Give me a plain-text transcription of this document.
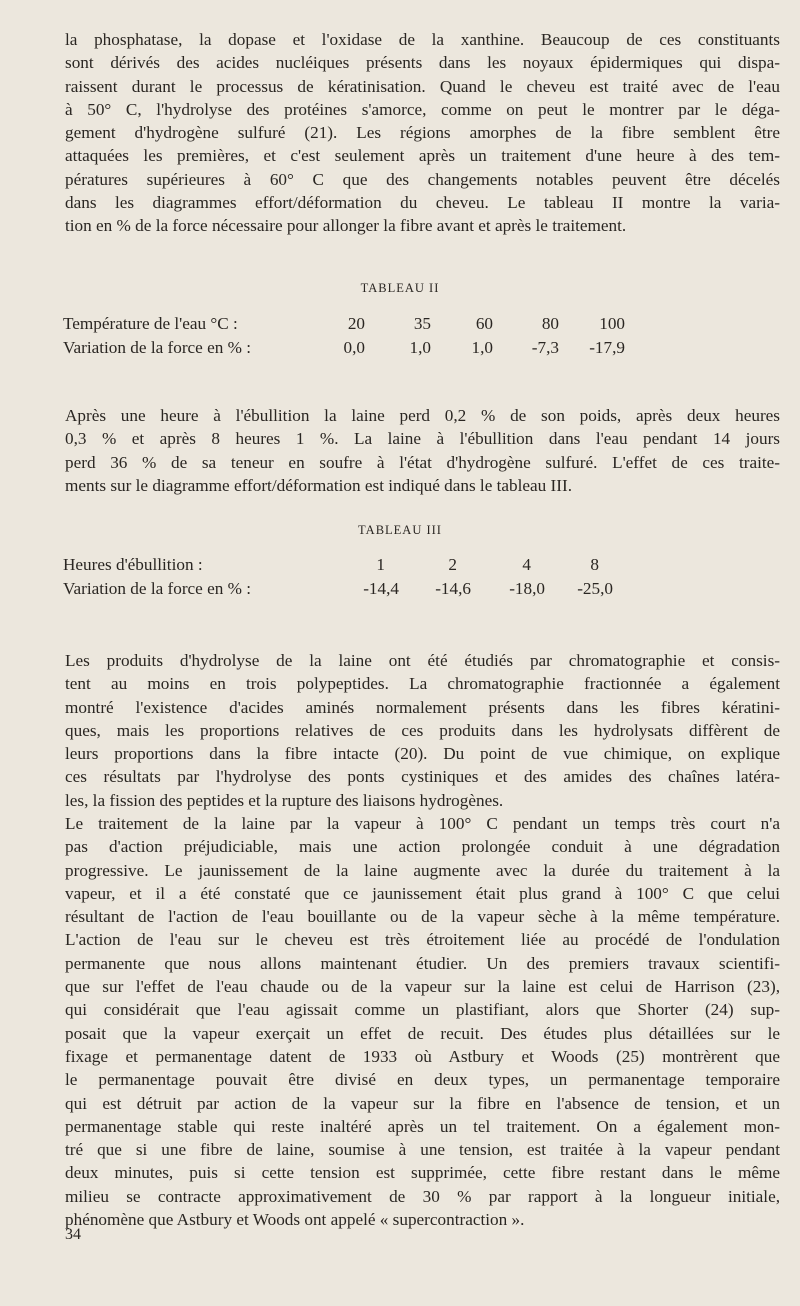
la phosphatase, la dopase et l'oxidase de la xanthine. Beaucoup de ces constituants
sont dérivés des acides nucléiques présents dans les noyaux épidermiques qui dispa-
raissent durant le processus de kératinisation. Quand le cheveu est traité avec de l'eau
à 50° C, l'hydrolyse des protéines s'amorce, comme on peut le montrer par le déga-
gement d'hydrogène sulfuré (21). Les régions amorphes de la fibre semblent être
attaquées les premières, et c'est seulement après un traitement d'une heure à des tem-
pératures supérieures à 60° C que des changements notables peuvent être décelés
dans les diagrammes effort/déformation du cheveu. Le tableau II montre la varia-
tion en % de la force nécessaire pour allonger la fibre avant et après le traitement.

TABLEAU II

Température de l'eau °C :	20	35	60	80	100
Variation de la force en % :	0,0	1,0	1,0	-7,3	-17,9
Après une heure à l'ébullition la laine perd 0,2 % de son poids, après deux heures
0,3 % et après 8 heures 1 %. La laine à l'ébullition dans l'eau pendant 14 jours
perd 36 % de sa teneur en soufre à l'état d'hydrogène sulfuré. L'effet de ces traite-
ments sur le diagramme effort/déformation est indiqué dans le tableau III.

TABLEAU III

Heures d'ébullition :	1	2	4	8
Variation de la force en % :	-14,4	-14,6	-18,0	-25,0
Les produits d'hydrolyse de la laine ont été étudiés par chromatographie et consis-
tent au moins en trois polypeptides. La chromatographie fractionnée a également
montré l'existence d'acides aminés normalement présents dans les fibres kératini-
ques, mais les proportions relatives de ces produits dans les hydrolysats diffèrent de
leurs proportions dans la fibre intacte (20). Du point de vue chimique, on explique
ces résultats par l'hydrolyse des ponts cystiniques et des amides des chaînes latéra-
les, la fission des peptides et la rupture des liaisons hydrogènes.
Le traitement de la laine par la vapeur à 100° C pendant un temps très court n'a
pas d'action préjudiciable, mais une action prolongée conduit à une dégradation
progressive. Le jaunissement de la laine augmente avec la durée du traitement à la
vapeur, et il a été constaté que ce jaunissement était plus grand à 100° C que celui
résultant de l'action de l'eau bouillante ou de la vapeur sèche à la même température.
L'action de l'eau sur le cheveu est très étroitement liée au procédé de l'ondulation
permanente que nous allons maintenant étudier. Un des premiers travaux scientifi-
que sur l'effet de l'eau chaude ou de la vapeur sur la laine est celui de Harrison (23),
qui considérait que l'eau agissait comme un plastifiant, alors que Shorter (24) sup-
posait que la vapeur exerçait un effet de recuit. Des études plus détaillées sur le
fixage et permanentage datent de 1933 où Astbury et Woods (25) montrèrent que
le permanentage pouvait être divisé en deux types, un permanentage temporaire
qui est détruit par action de la vapeur sur la fibre en l'absence de tension, et un
permanentage stable qui reste inaltéré après un tel traitement. On a également mon-
tré que si une fibre de laine, soumise à une tension, est traitée à la vapeur pendant
deux minutes, puis si cette tension est supprimée, cette fibre restant dans le même
milieu se contracte approximativement de 30 % par rapport à la longueur initiale,
phénomène que Astbury et Woods ont appelé « supercontraction ».

34
